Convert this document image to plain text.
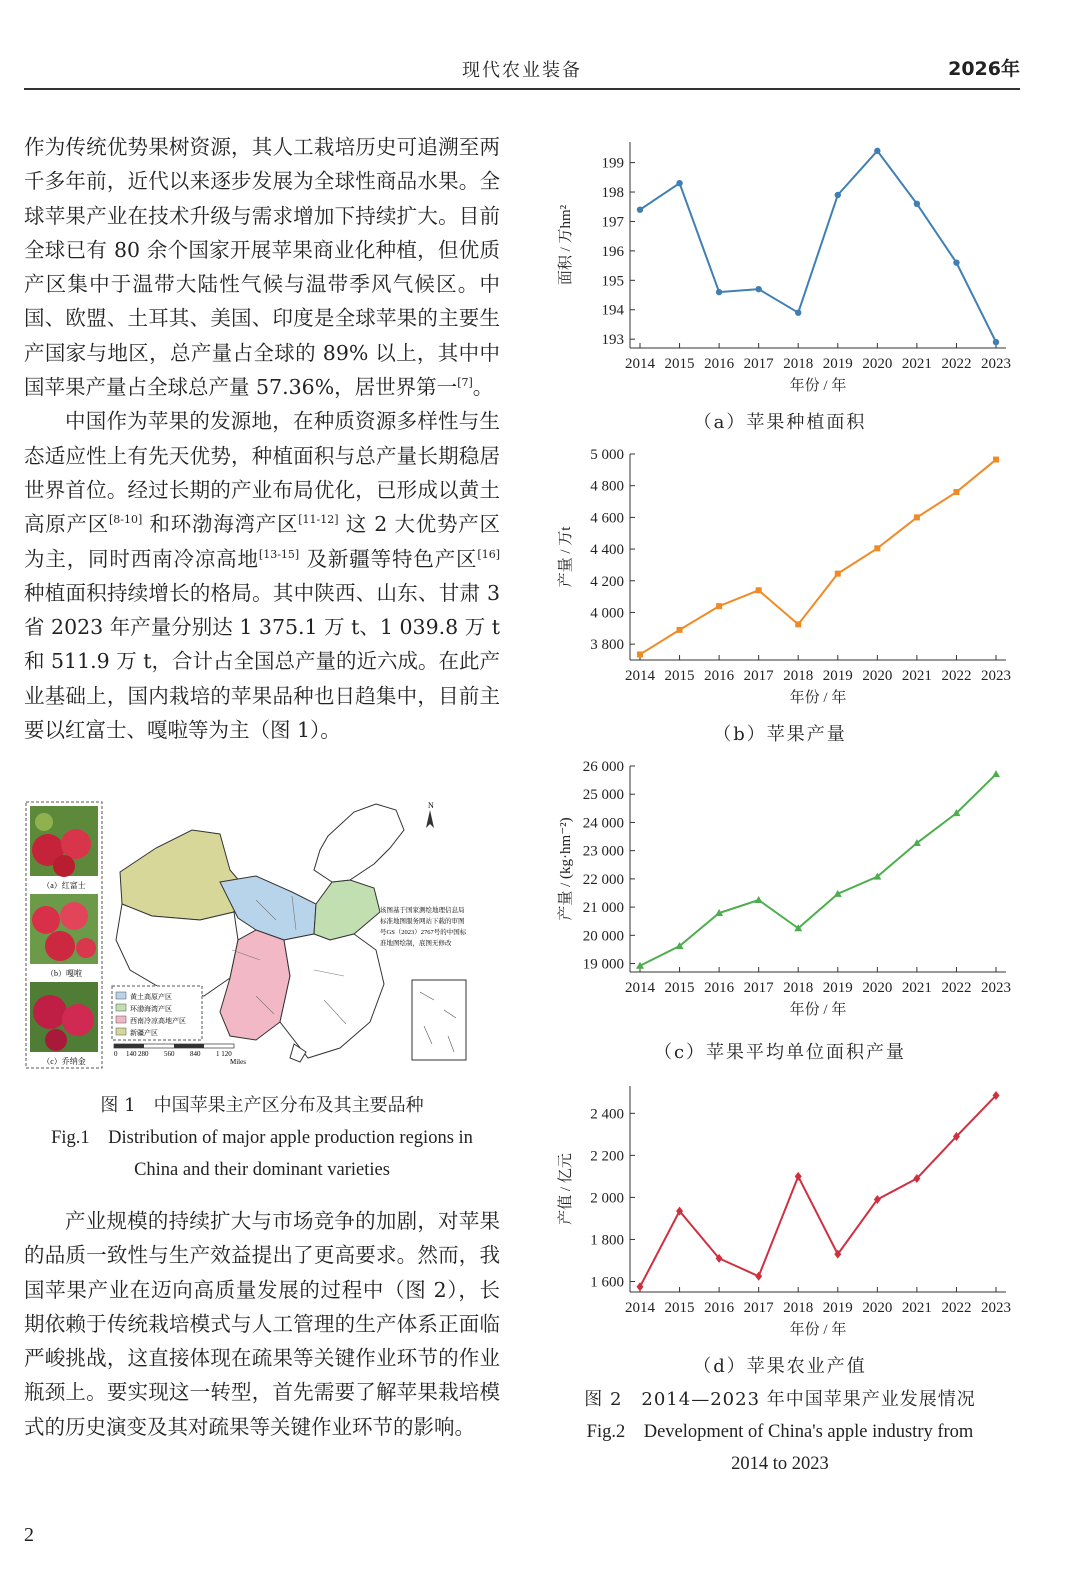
现代农业装备	2026年

作为传统优势果树资源，其人工栽培历史可追溯至两千多年前，近代以来逐步发展为全球性商品水果。全球苹果产业在技术升级与需求增加下持续扩大。目前全球已有 80 余个国家开展苹果商业化种植，但优质产区集中于温带大陆性气候与温带季风气候区。中国、欧盟、土耳其、美国、印度是全球苹果的主要生产国家与地区，总产量占全球的 89% 以上，其中中国苹果产量占全球总产量 57.36%，居世界第一[7]。

中国作为苹果的发源地，在种质资源多样性与生态适应性上有先天优势，种植面积与总产量长期稳居世界首位。经过长期的产业布局优化，已形成以黄土高原产区[8-10] 和环渤海湾产区[11-12] 这 2 大优势产区为主，同时西南冷凉高地[13-15] 及新疆等特色产区[16] 种植面积持续增长的格局。其中陕西、山东、甘肃 3 省 2023 年产量分别达 1 375.1 万 t、1 039.8 万 t 和 511.9 万 t，合计占全国总产量的近六成。在此产业基础上，国内栽培的苹果品种也日趋集中，目前主要以红富士、嘎啦等为主（图 1）。

（a）红富士
（b）嘎啦
（c）乔纳金
N
该图基于国家测绘地理信息局
标准地图服务网站下载的审图
号GS（2023）2767号的中国标
准地图绘制，底图无修改
黄土高原产区
环渤海湾产区
西南冷凉高地产区
新疆产区
0 140 280 560 840 1 120
Miles

图 1　中国苹果主产区分布及其主要品种

Fig.1　Distribution of major apple production regions in

China and their dominant varieties

产业规模的持续扩大与市场竞争的加剧，对苹果的品质一致性与生产效益提出了更高要求。然而，我国苹果产业在迈向高质量发展的过程中（图 2），长期依赖于传统栽培模式与人工管理的生产体系正面临严峻挑战，这直接体现在疏果等关键作业环节的作业瓶颈上。要实现这一转型，首先需要了解苹果栽培模式的历史演变及其对疏果等关键作业环节的影响。

193
194
195
196
197
198
199
2014 2015 2016 2017 2018 2019 2020 2021 2022 2023
年份 / 年
面积 / 万hm²
（a）苹果种植面积
3 800
4 000
4 200
4 400
4 600
4 800
5 000
2014 2015 2016 2017 2018 2019 2020 2021 2022 2023
年份 / 年
产量 / 万t
（b）苹果产量
19 000
20 000
21 000
22 000
23 000
24 000
25 000
26 000
2014 2015 2016 2017 2018 2019 2020 2021 2022 2023
年份 / 年
产量 / (kg·hm⁻²)
（c）苹果平均单位面积产量
1 600
1 800
2 000
2 200
2 400
2014 2015 2016 2017 2018 2019 2020 2021 2022 2023
年份 / 年
产值 / 亿元
（d）苹果农业产值

图 2　2014—2023 年中国苹果产业发展情况

Fig.2　Development of China's apple industry from

2014 to 2023

2
